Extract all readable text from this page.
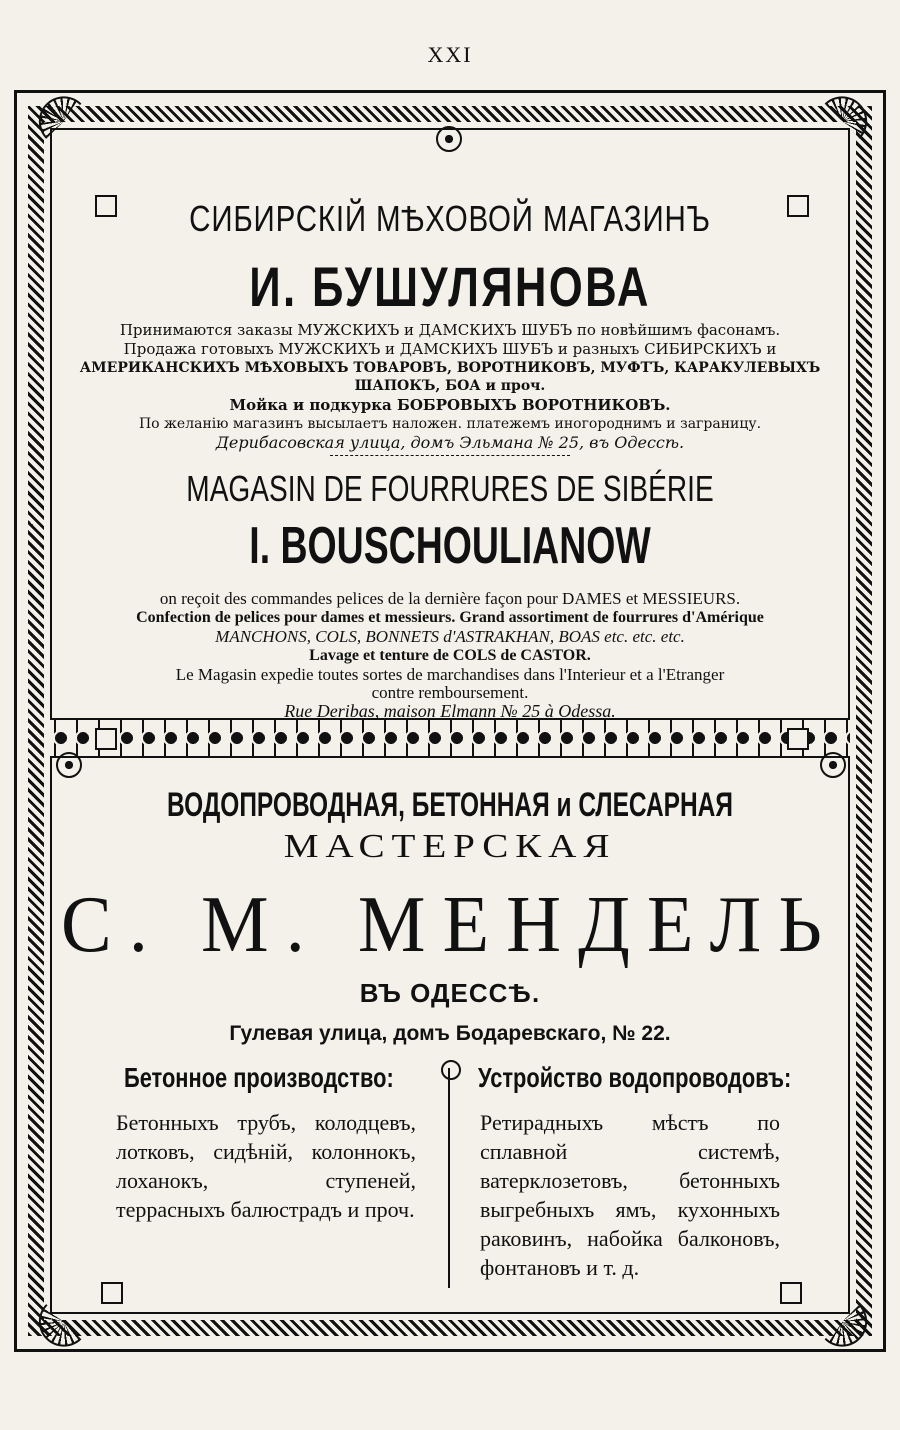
XXI
СИБИРСКIЙ МѢХОВОЙ МАГАЗИНЪ
И. БУШУЛЯНОВА
Принимаются заказы МУЖСКИХЪ и ДАМСКИХЪ ШУБЪ по новѣйшимъ фасонамъ.
Продажа готовыхъ МУЖСКИХЪ и ДАМСКИХЪ ШУБЪ и разныхъ СИБИРСКИХЪ и
АМЕРИКАНСКИХЪ МѢХОВЫХЪ ТОВАРОВЪ, ВОРОТНИКОВЪ, МУФТЪ, КАРАКУЛЕВЫХЪ
ШАПОКЪ, БОА и проч.
Мойка и подкурка БОБРОВЫХЪ ВОРОТНИКОВЪ.
По желанiю магазинъ высылаетъ наложен. платежемъ иногороднимъ и заграницу.
Дерибасовская улица, домъ Эльмана № 25, въ Одессѣ.
MAGASIN DE FOURRURES DE SIBÉRIE
I. BOUSCHOULIANOW
on reçoit des commandes pelices de la dernière façon pour DAMES et MESSIEURS.
Confection de pelices pour dames et messieurs. Grand assortiment de fourrures d'Amérique
MANCHONS, COLS, BONNETS d'ASTRAKHAN, BOAS etc. etc. etc.
Lavage et tenture de COLS de CASTOR.
Le Magasin expedie toutes sortes de marchandises dans l'Interieur et a l'Etranger
contre remboursement.
Rue Deribas, maison Elmann № 25 à Odessa.
ВОДОПРОВОДНАЯ, БЕТОННАЯ и СЛЕСАРНАЯ
МАСТЕРСКАЯ
С. М. МЕНДЕЛЬ
ВЪ ОДЕССѢ.
Гулевая улица, домъ Бодаревскаго, № 22.
Бетонное производство:	Устройство водопроводовъ:
Бетонныхъ трубъ, колодцевъ, лотковъ, сидѣнiй, колоннокъ, лоханокъ, ступеней, террасныхъ балюстрадъ и проч.
Ретирадныхъ мѣстъ по сплавной системѣ, ватерклозетовъ, бетонныхъ выгребныхъ ямъ, кухонныхъ раковинъ, набойка балконовъ, фонтановъ и т. д.
